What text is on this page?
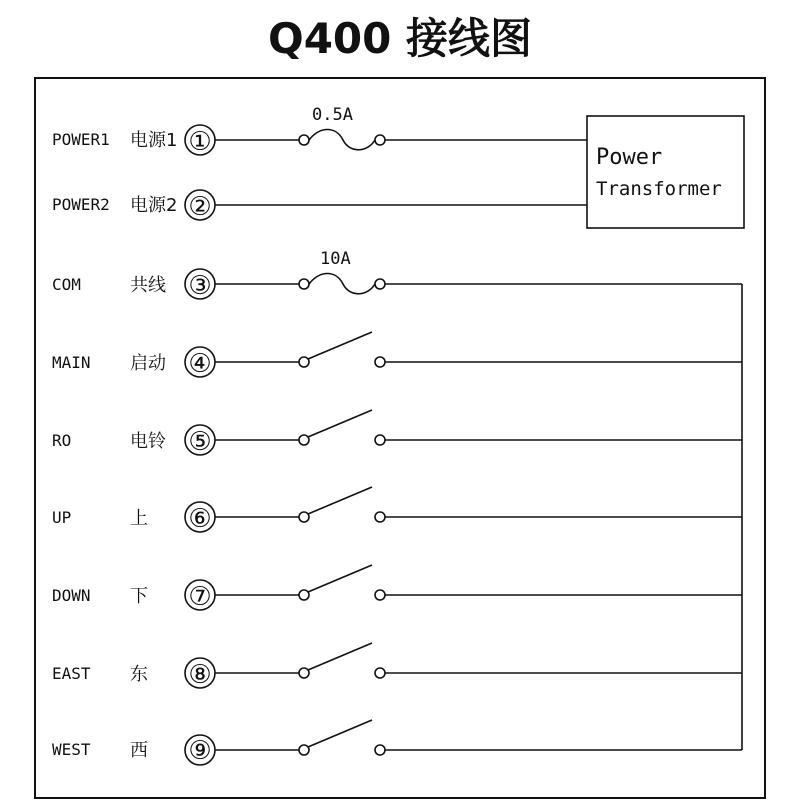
Q400 接线图
Power
Transformer
0.5A
10A
POWER1 电源1 ①
POWER2 电源2 ②
COM	共线 ③
MAIN 启动 ④
RO	电铃 ⑤
UP	上 ⑥
DOWN 下 ⑦
EAST 东 ⑧
WEST 西 ⑨
